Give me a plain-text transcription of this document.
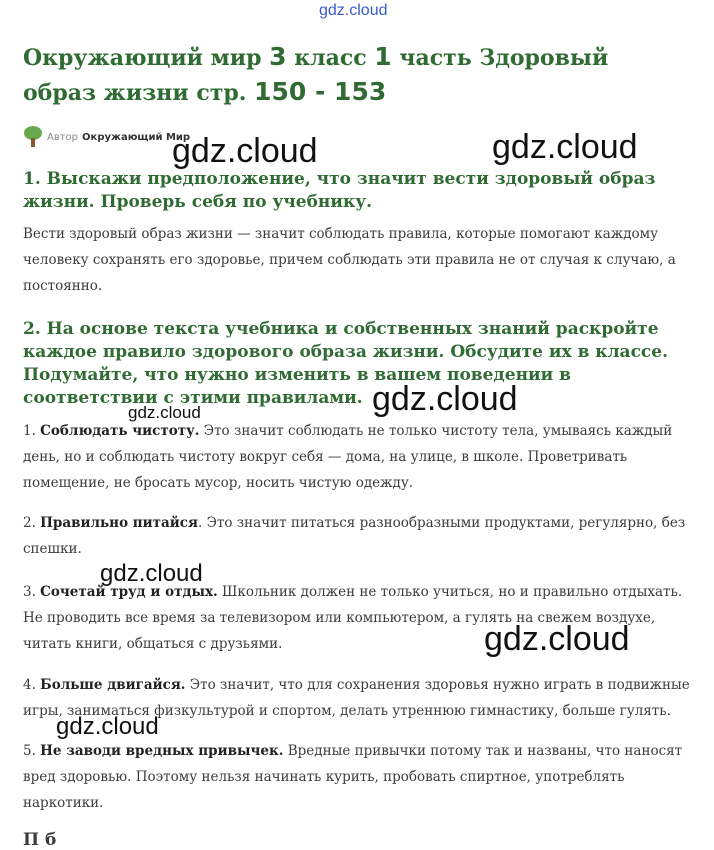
gdz.cloud
Окружающий мир 3 класс 1 часть Здоровый образ жизни стр. 150 - 153
Автор Окружающий Мир
1. Выскажи предположение, что значит вести здоровый образ жизни. Проверь себя по учебнику.

Вести здоровый образ жизни — значит соблюдать правила, которые помогают каждому человеку сохранять его здоровье, причем соблюдать эти правила не от случая к случаю, а постоянно.

2. На основе текста учебника и собственных знаний раскройте каждое правило здорового образа жизни. Обсудите их в классе. Подумайте, что нужно изменить в вашем поведении в соответствии с этими правилами.

1. Соблюдать чистоту. Это значит соблюдать не только чистоту тела, умываясь каждый день, но и соблюдать чистоту вокруг себя — дома, на улице, в школе. Проветривать помещение, не бросать мусор, носить чистую одежду.

2. Правильно питайся. Это значит питаться разнообразными продуктами, регулярно, без спешки.

3. Сочетай труд и отдых. Школьник должен не только учиться, но и правильно отдыхать. Не проводить все время за телевизором или компьютером, а гулять на свежем воздухе, читать книги, общаться с друзьями.

4. Больше двигайся. Это значит, что для сохранения здоровья нужно играть в подвижные игры, заниматься физкультурой и спортом, делать утреннюю гимнастику, больше гулять.

5. Не заводи вредных привычек. Вредные привычки потому так и названы, что наносят вред здоровью. Поэтому нельзя начинать курить, пробовать спиртное, употреблять наркотики.

П б
gdz.cloud	gdz.cloud
gdz.cloud
gdz.cloud
gdz.cloud
gdz.cloud
gdz.cloud
